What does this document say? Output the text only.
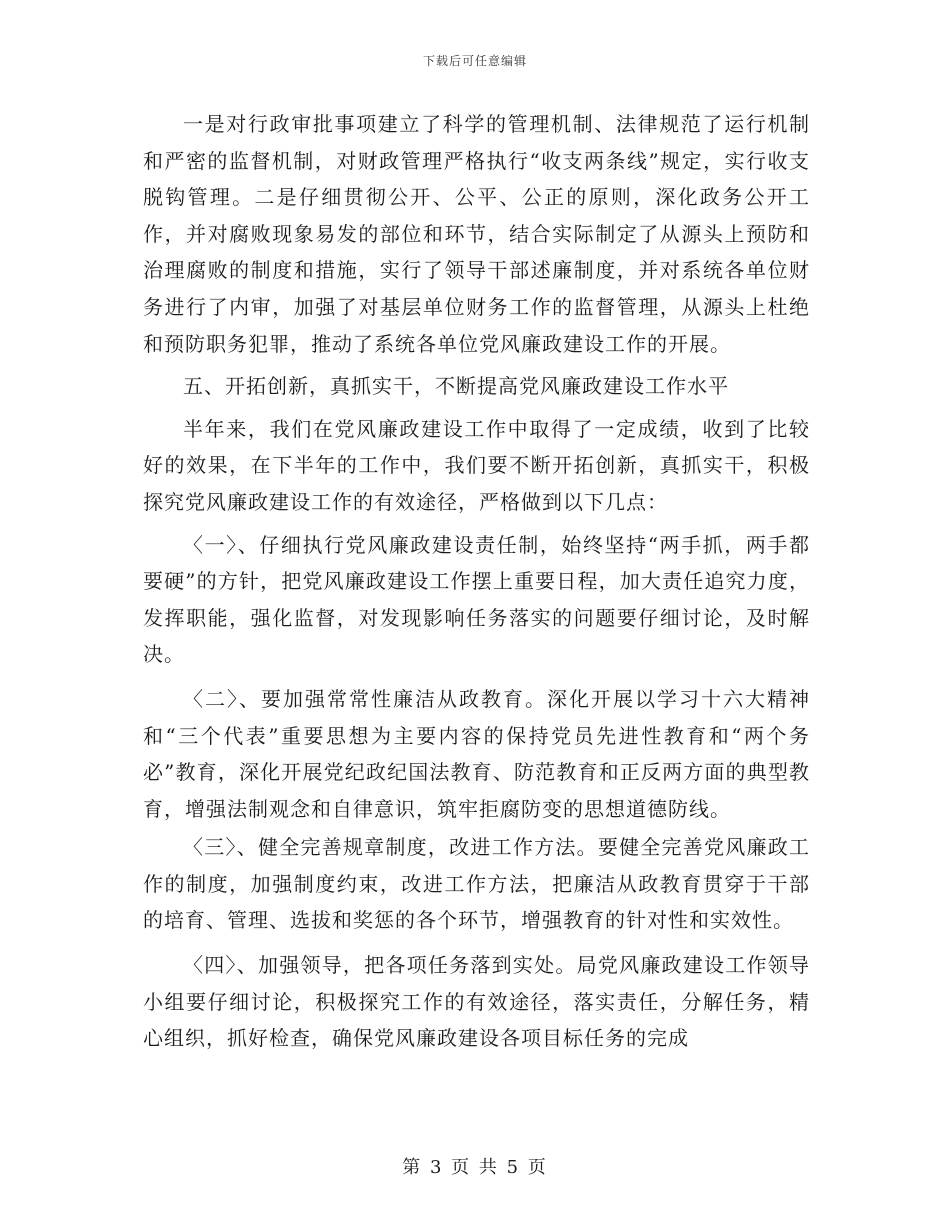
下载后可任意编辑

一是对行政审批事项建立了科学的管理机制、法律规范了运行机制和严密的监督机制，对财政管理严格执行“收支两条线”规定，实行收支脱钩管理。二是仔细贯彻公开、公平、公正的原则，深化政务公开工作，并对腐败现象易发的部位和环节，结合实际制定了从源头上预防和治理腐败的制度和措施，实行了领导干部述廉制度，并对系统各单位财务进行了内审，加强了对基层单位财务工作的监督管理，从源头上杜绝和预防职务犯罪，推动了系统各单位党风廉政建设工作的开展。

五、开拓创新，真抓实干，不断提高党风廉政建设工作水平

半年来，我们在党风廉政建设工作中取得了一定成绩，收到了比较好的效果，在下半年的工作中，我们要不断开拓创新，真抓实干，积极探究党风廉政建设工作的有效途径，严格做到以下几点：

〈一〉、仔细执行党风廉政建设责任制，始终坚持“两手抓，两手都要硬”的方针，把党风廉政建设工作摆上重要日程，加大责任追究力度，发挥职能，强化监督，对发现影响任务落实的问题要仔细讨论，及时解决。

〈二〉、要加强常常性廉洁从政教育。深化开展以学习十六大精神和“三个代表”重要思想为主要内容的保持党员先进性教育和“两个务必”教育，深化开展党纪政纪国法教育、防范教育和正反两方面的典型教育，增强法制观念和自律意识，筑牢拒腐防变的思想道德防线。

〈三〉、健全完善规章制度，改进工作方法。要健全完善党风廉政工作的制度，加强制度约束，改进工作方法，把廉洁从政教育贯穿于干部的培育、管理、选拔和奖惩的各个环节，增强教育的针对性和实效性。

〈四〉、加强领导，把各项任务落到实处。局党风廉政建设工作领导小组要仔细讨论，积极探究工作的有效途径，落实责任，分解任务，精心组织，抓好检查，确保党风廉政建设各项目标任务的完成

第 3 页 共 5 页
